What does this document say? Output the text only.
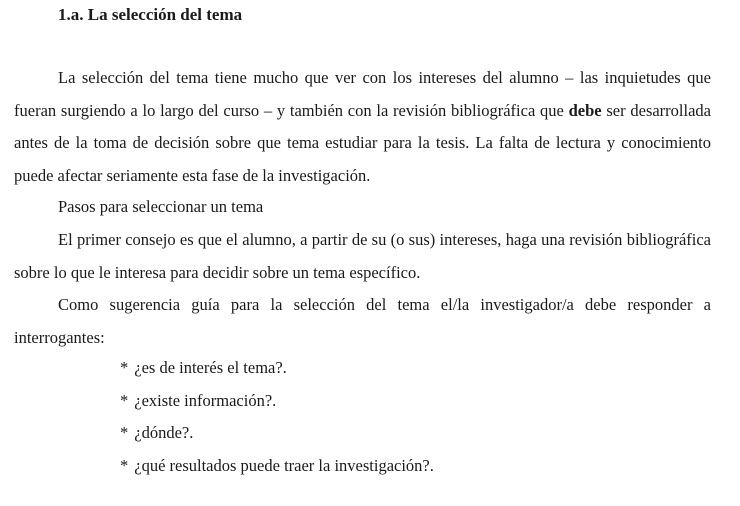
1.a. La selección del tema
La selección del tema tiene mucho que ver con los intereses del alumno – las inquietudes que fueran surgiendo a lo largo del curso – y también con la revisión bibliográfica que debe ser desarrollada antes de la toma de decisión sobre que tema estudiar para la tesis. La falta de lectura y conocimiento puede afectar seriamente esta fase de la investigación.
Pasos para seleccionar un tema
El primer consejo es que el alumno, a partir de su (o sus) intereses, haga una revisión bibliográfica sobre lo que le interesa para decidir sobre un tema específico.
Como sugerencia guía para la selección del tema el/la investigador/a debe responder a interrogantes:
* ¿es de interés el tema?.
* ¿existe información?.
* ¿dónde?.
* ¿qué resultados puede traer la investigación?.
